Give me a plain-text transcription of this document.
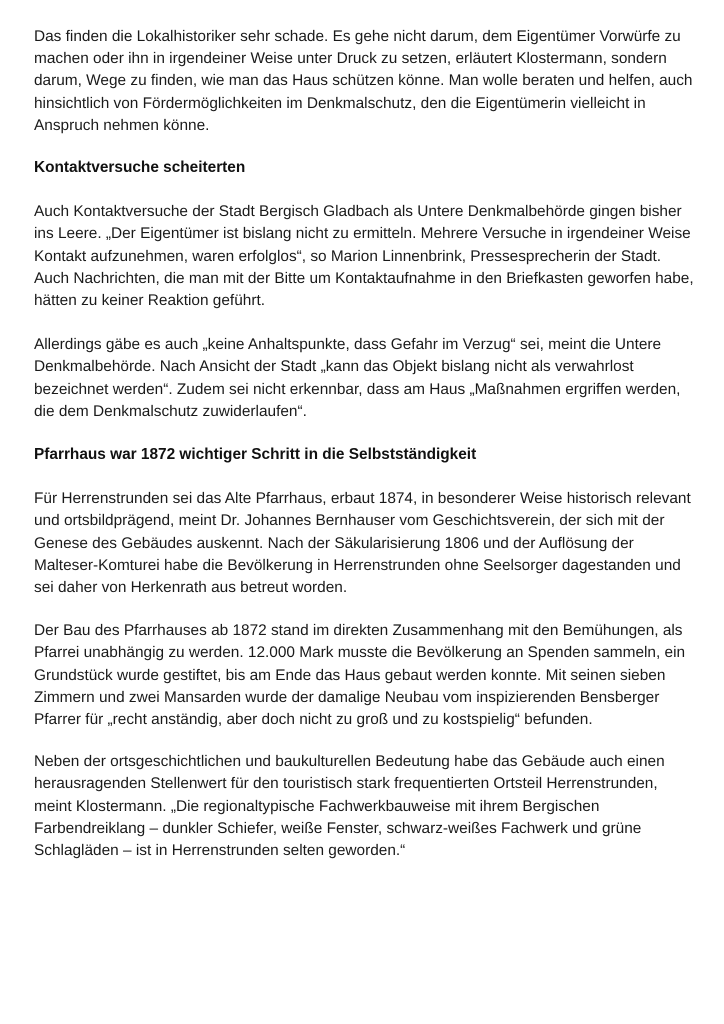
Das finden die Lokalhistoriker sehr schade. Es gehe nicht darum, dem Eigentümer Vorwürfe zu machen oder ihn in irgendeiner Weise unter Druck zu setzen, erläutert Klostermann, sondern darum, Wege zu finden, wie man das Haus schützen könne. Man wolle beraten und helfen, auch hinsichtlich von Fördermöglichkeiten im Denkmalschutz, den die Eigentümerin vielleicht in Anspruch nehmen könne.

Kontaktversuche scheiterten

Auch Kontaktversuche der Stadt Bergisch Gladbach als Untere Denkmalbehörde gingen bisher ins Leere. „Der Eigentümer ist bislang nicht zu ermitteln. Mehrere Versuche in irgendeiner Weise Kontakt aufzunehmen, waren erfolglos“, so Marion Linnenbrink, Pressesprecherin der Stadt. Auch Nachrichten, die man mit der Bitte um Kontaktaufnahme in den Briefkasten geworfen habe, hätten zu keiner Reaktion geführt.

Allerdings gäbe es auch „keine Anhaltspunkte, dass Gefahr im Verzug“ sei, meint die Untere Denkmalbehörde. Nach Ansicht der Stadt „kann das Objekt bislang nicht als verwahrlost bezeichnet werden“. Zudem sei nicht erkennbar, dass am Haus „Maßnahmen ergriffen werden, die dem Denkmalschutz zuwiderlaufen“.

Pfarrhaus war 1872 wichtiger Schritt in die Selbstständigkeit

Für Herrenstrunden sei das Alte Pfarrhaus, erbaut 1874, in besonderer Weise historisch relevant und ortsbildprägend, meint Dr. Johannes Bernhauser vom Geschichtsverein, der sich mit der Genese des Gebäudes auskennt. Nach der Säkularisierung 1806 und der Auflösung der Malteser-Komturei habe die Bevölkerung in Herrenstrunden ohne Seelsorger dagestanden und sei daher von Herkenrath aus betreut worden.

Der Bau des Pfarrhauses ab 1872 stand im direkten Zusammenhang mit den Bemühungen, als Pfarrei unabhängig zu werden. 12.000 Mark musste die Bevölkerung an Spenden sammeln, ein Grundstück wurde gestiftet, bis am Ende das Haus gebaut werden konnte. Mit seinen sieben Zimmern und zwei Mansarden wurde der damalige Neubau vom inspizierenden Bensberger Pfarrer für „recht anständig, aber doch nicht zu groß und zu kostspielig“ befunden.

Neben der ortsgeschichtlichen und baukulturellen Bedeutung habe das Gebäude auch einen herausragenden Stellenwert für den touristisch stark frequentierten Ortsteil Herrenstrunden, meint Klostermann. „Die regionaltypische Fachwerkbauweise mit ihrem Bergischen Farbendreiklang – dunkler Schiefer, weiße Fenster, schwarz-weißes Fachwerk und grüne Schlagläden – ist in Herrenstrunden selten geworden.“
